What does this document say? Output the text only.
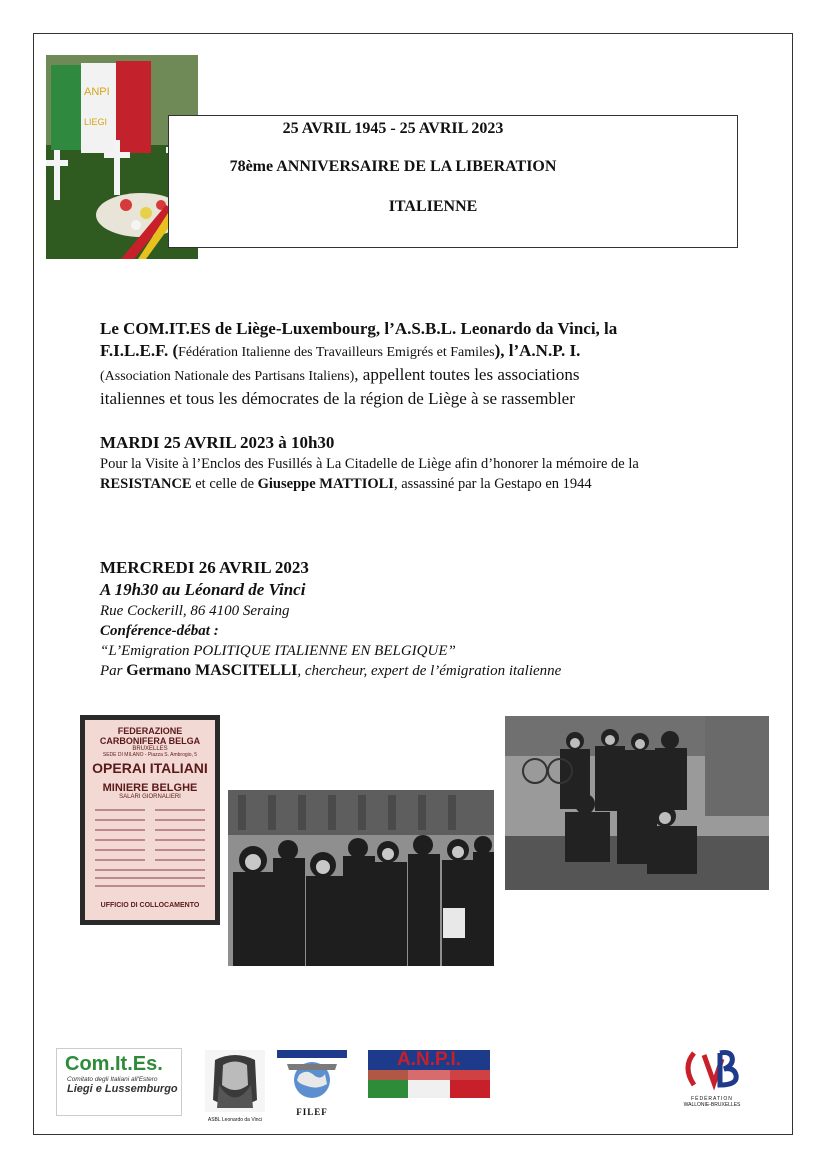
ANPI
LIEGI	25 AVRIL 1945 - 25 AVRIL 2023
78ème ANNIVERSAIRE DE LA LIBERATION
ITALIENNE
Le COM.IT.ES de Liège-Luxembourg, l’A.S.B.L. Leonardo da Vinci, la
F.I.L.E.F. (Fédération Italienne des Travailleurs Emigrés et Familes), l’A.N.P. I.
(Association Nationale des Partisans Italiens), appellent toutes les associations
italiennes et tous les démocrates de la région de Liège à se rassembler
MARDI 25 AVRIL 2023 à 10h30
Pour la Visite à l’Enclos des Fusillés à La Citadelle de Liège afin d’honorer la mémoire de la
RESISTANCE et celle de Giuseppe MATTIOLI, assassiné par la Gestapo en 1944
MERCREDI 26 AVRIL 2023
A 19h30 au Léonard de Vinci
Rue Cockerill, 86 4100 Seraing
Conférence-débat :
“L’Emigration POLITIQUE ITALIENNE EN BELGIQUE”
Par Germano MASCITELLI, chercheur, expert de l’émigration italienne
FEDERAZIONE CARBONIFERA BELGA
BRUXELLES
SEDE DI MILANO - Piazza S. Ambrogio, 5
OPERAI ITALIANI
MINIERE BELGHE
SALARI GIORNALIERI
UFFICIO DI COLLOCAMENTO
Com.It.Es.
Comitato degli Italiani all'Estero
Liegi e Lussemburgo
ASBL Leonardo da Vinci
FILEF
A.N.P.I.
FÉDÉRATION
WALLONIE-BRUXELLES
